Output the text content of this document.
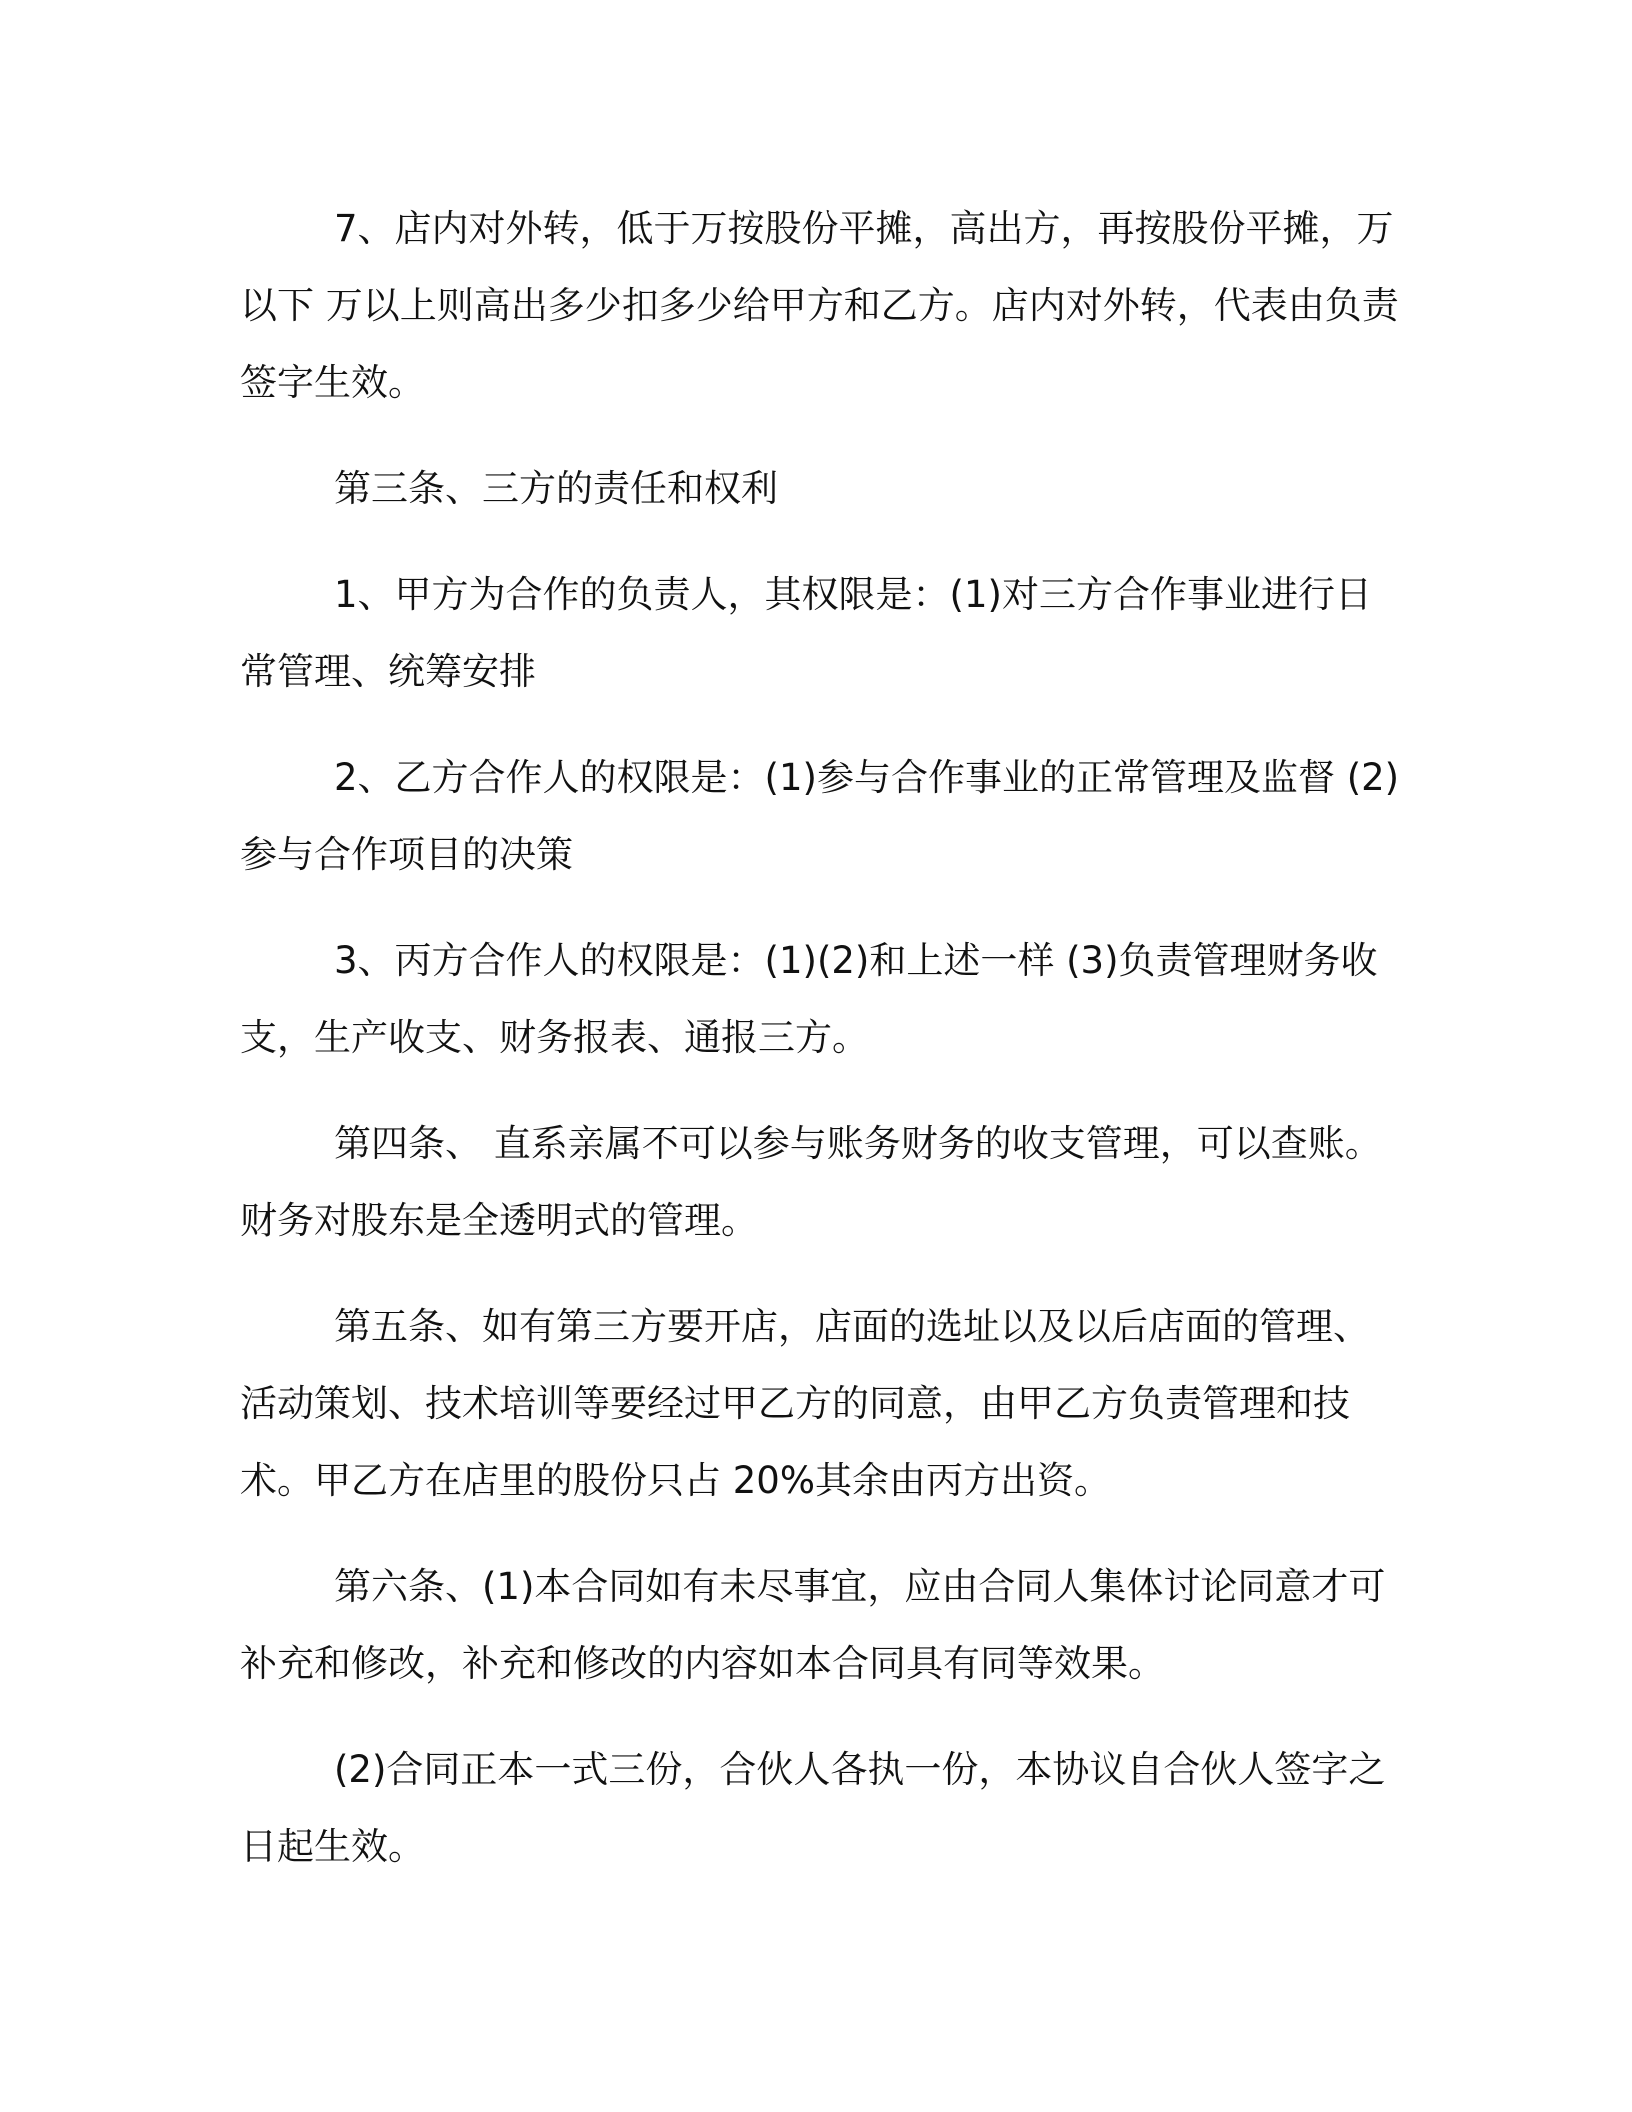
7、店内对外转，低于万按股份平摊，高出方，再按股份平摊，万以下 万以上则高出多少扣多少给甲方和乙方。店内对外转，代表由负责签字生效。

第三条、三方的责任和权利

1、甲方为合作的负责人，其权限是：(1)对三方合作事业进行日常管理、统筹安排

2、乙方合作人的权限是：(1)参与合作事业的正常管理及监督 (2)参与合作项目的决策

3、丙方合作人的权限是：(1)(2)和上述一样 (3)负责管理财务收支，生产收支、财务报表、通报三方。

第四条、 直系亲属不可以参与账务财务的收支管理，可以查账。财务对股东是全透明式的管理。

第五条、如有第三方要开店，店面的选址以及以后店面的管理、活动策划、技术培训等要经过甲乙方的同意，由甲乙方负责管理和技术。甲乙方在店里的股份只占 20%其余由丙方出资。

第六条、(1)本合同如有未尽事宜，应由合同人集体讨论同意才可补充和修改，补充和修改的内容如本合同具有同等效果。

(2)合同正本一式三份，合伙人各执一份，本协议自合伙人签字之日起生效。
